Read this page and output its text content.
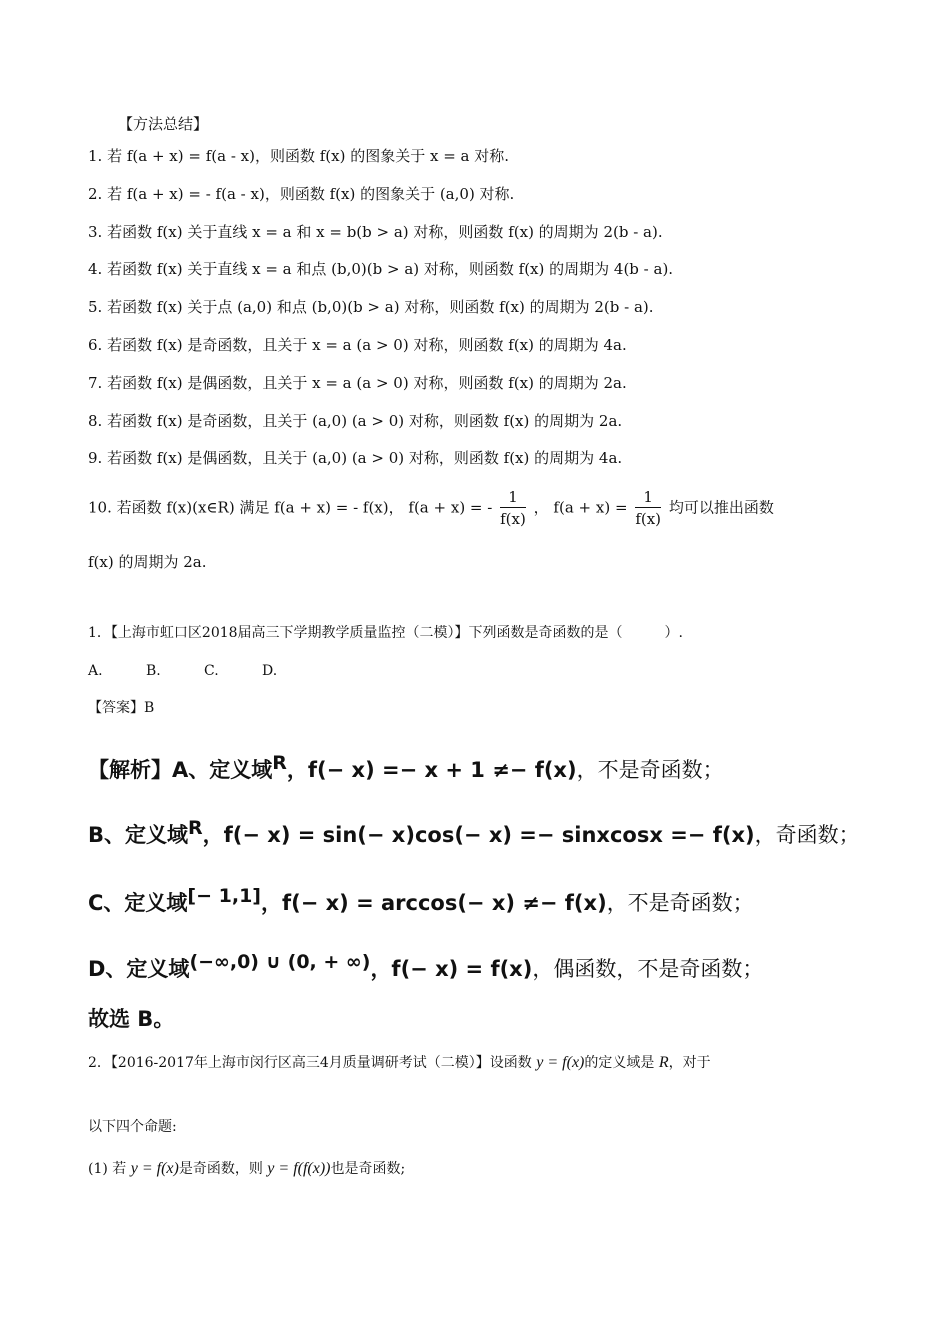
【方法总结】
1. 若 f(a + x) = f(a - x)，则函数 f(x) 的图象关于 x = a 对称.
2. 若 f(a + x) = - f(a - x)，则函数 f(x) 的图象关于 (a,0) 对称.
3. 若函数 f(x) 关于直线 x = a 和 x = b(b > a) 对称，则函数 f(x) 的周期为 2(b - a).
4. 若函数 f(x) 关于直线 x = a 和点 (b,0)(b > a) 对称，则函数 f(x) 的周期为 4(b - a).
5. 若函数 f(x) 关于点 (a,0) 和点 (b,0)(b > a) 对称，则函数 f(x) 的周期为 2(b - a).
6. 若函数 f(x) 是奇函数，且关于 x = a (a > 0) 对称，则函数 f(x) 的周期为 4a.
7. 若函数 f(x) 是偶函数，且关于 x = a (a > 0) 对称，则函数 f(x) 的周期为 2a.
8. 若函数 f(x) 是奇函数，且关于 (a,0) (a > 0) 对称，则函数 f(x) 的周期为 2a.
9. 若函数 f(x) 是偶函数，且关于 (a,0) (a > 0) 对称，则函数 f(x) 的周期为 4a.
10. 若函数 f(x)(x∈R) 满足 f(a + x) = - f(x)， f(a + x) = - $\frac{1}{f(x)}$ ， $f(a + x) = \frac{1}{f(x)}$ 均可以推出函数
f(x) 的周期为 2a.
1．【上海市虹口区2018届高三下学期教学质量监控（二模）】下列函数是奇函数的是（　　　）.
A.	B.	C.	D.
【答案】B
【解析】A、定义域R，f(− x) =− x + 1 ≠− f(x)，不是奇函数；
B、定义域R，f(− x) = sin(− x)cos(− x) =− sinxcosx =− f(x)，奇函数；
C、定义域[− 1,1]，f(− x) = arccos(− x) ≠− f(x)，不是奇函数；
D、定义域(−∞,0) ∪ (0, + ∞)，f(− x) = f(x)，偶函数，不是奇函数；
故选 B。
2．【2016-2017年上海市闵行区高三4月质量调研考试（二模）】设函数 y = f(x)的定义域是 R，对于
以下四个命题:
(1) 若 y = f(x)是奇函数，则 y = f(f(x))也是奇函数;
